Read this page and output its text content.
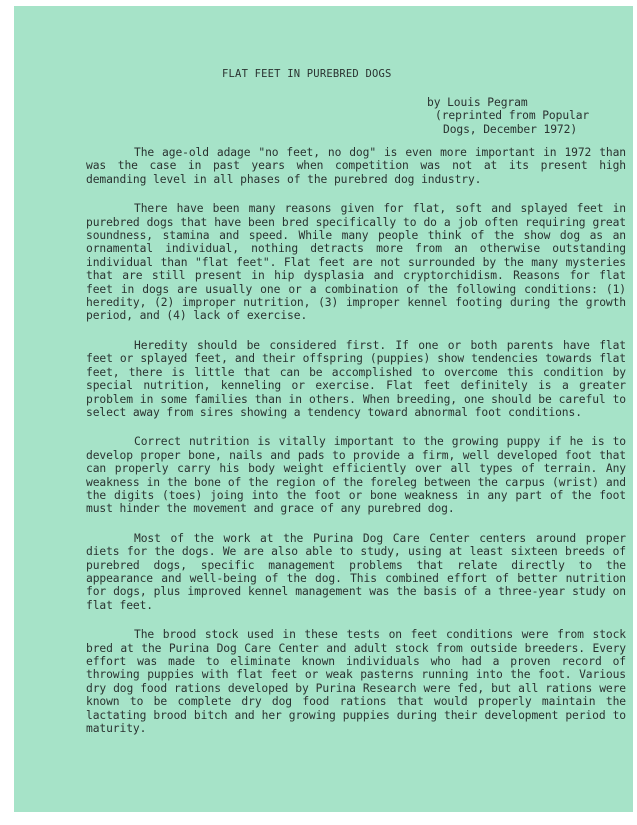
FLAT FEET IN PUREBRED DOGS
by Louis Pegram
(reprinted from Popular
Dogs, December 1972)

The age-old adage "no feet, no dog" is even more important in 1972 than was the case in past years when competition was not at its present high demanding level in all phases of the purebred dog industry.

There have been many reasons given for flat, soft and splayed feet in purebred dogs that have been bred specifically to do a job often requiring great soundness, stamina and speed. While many people think of the show dog as an ornamental individual, nothing detracts more from an otherwise outstanding individual than "flat feet". Flat feet are not surrounded by the many mysteries that are still present in hip dysplasia and cryptorchidism. Reasons for flat feet in dogs are usually one or a combination of the following conditions: (1) heredity, (2) improper nutrition, (3) improper kennel footing during the growth period, and (4) lack of exercise.

Heredity should be considered first. If one or both parents have flat feet or splayed feet, and their offspring (puppies) show tendencies towards flat feet, there is little that can be accomplished to overcome this condition by special nutrition, kenneling or exercise. Flat feet definitely is a greater problem in some families than in others. When breeding, one should be careful to select away from sires showing a tendency toward abnormal foot conditions.

Correct nutrition is vitally important to the growing puppy if he is to develop proper bone, nails and pads to provide a firm, well developed foot that can properly carry his body weight efficiently over all types of terrain. Any weakness in the bone of the region of the foreleg between the carpus (wrist) and the digits (toes) joing into the foot or bone weakness in any part of the foot must hinder the movement and grace of any purebred dog.

Most of the work at the Purina Dog Care Center centers around proper diets for the dogs. We are also able to study, using at least sixteen breeds of purebred dogs, specific management problems that relate directly to the appearance and well-being of the dog. This combined effort of better nutrition for dogs, plus improved kennel management was the basis of a three-year study on flat feet.

The brood stock used in these tests on feet conditions were from stock bred at the Purina Dog Care Center and adult stock from outside breeders. Every effort was made to eliminate known individuals who had a proven record of throwing puppies with flat feet or weak pasterns running into the foot. Various dry dog food rations developed by Purina Research were fed, but all rations were known to be complete dry dog food rations that would properly maintain the lactating brood bitch and her growing puppies during their development period to maturity.
